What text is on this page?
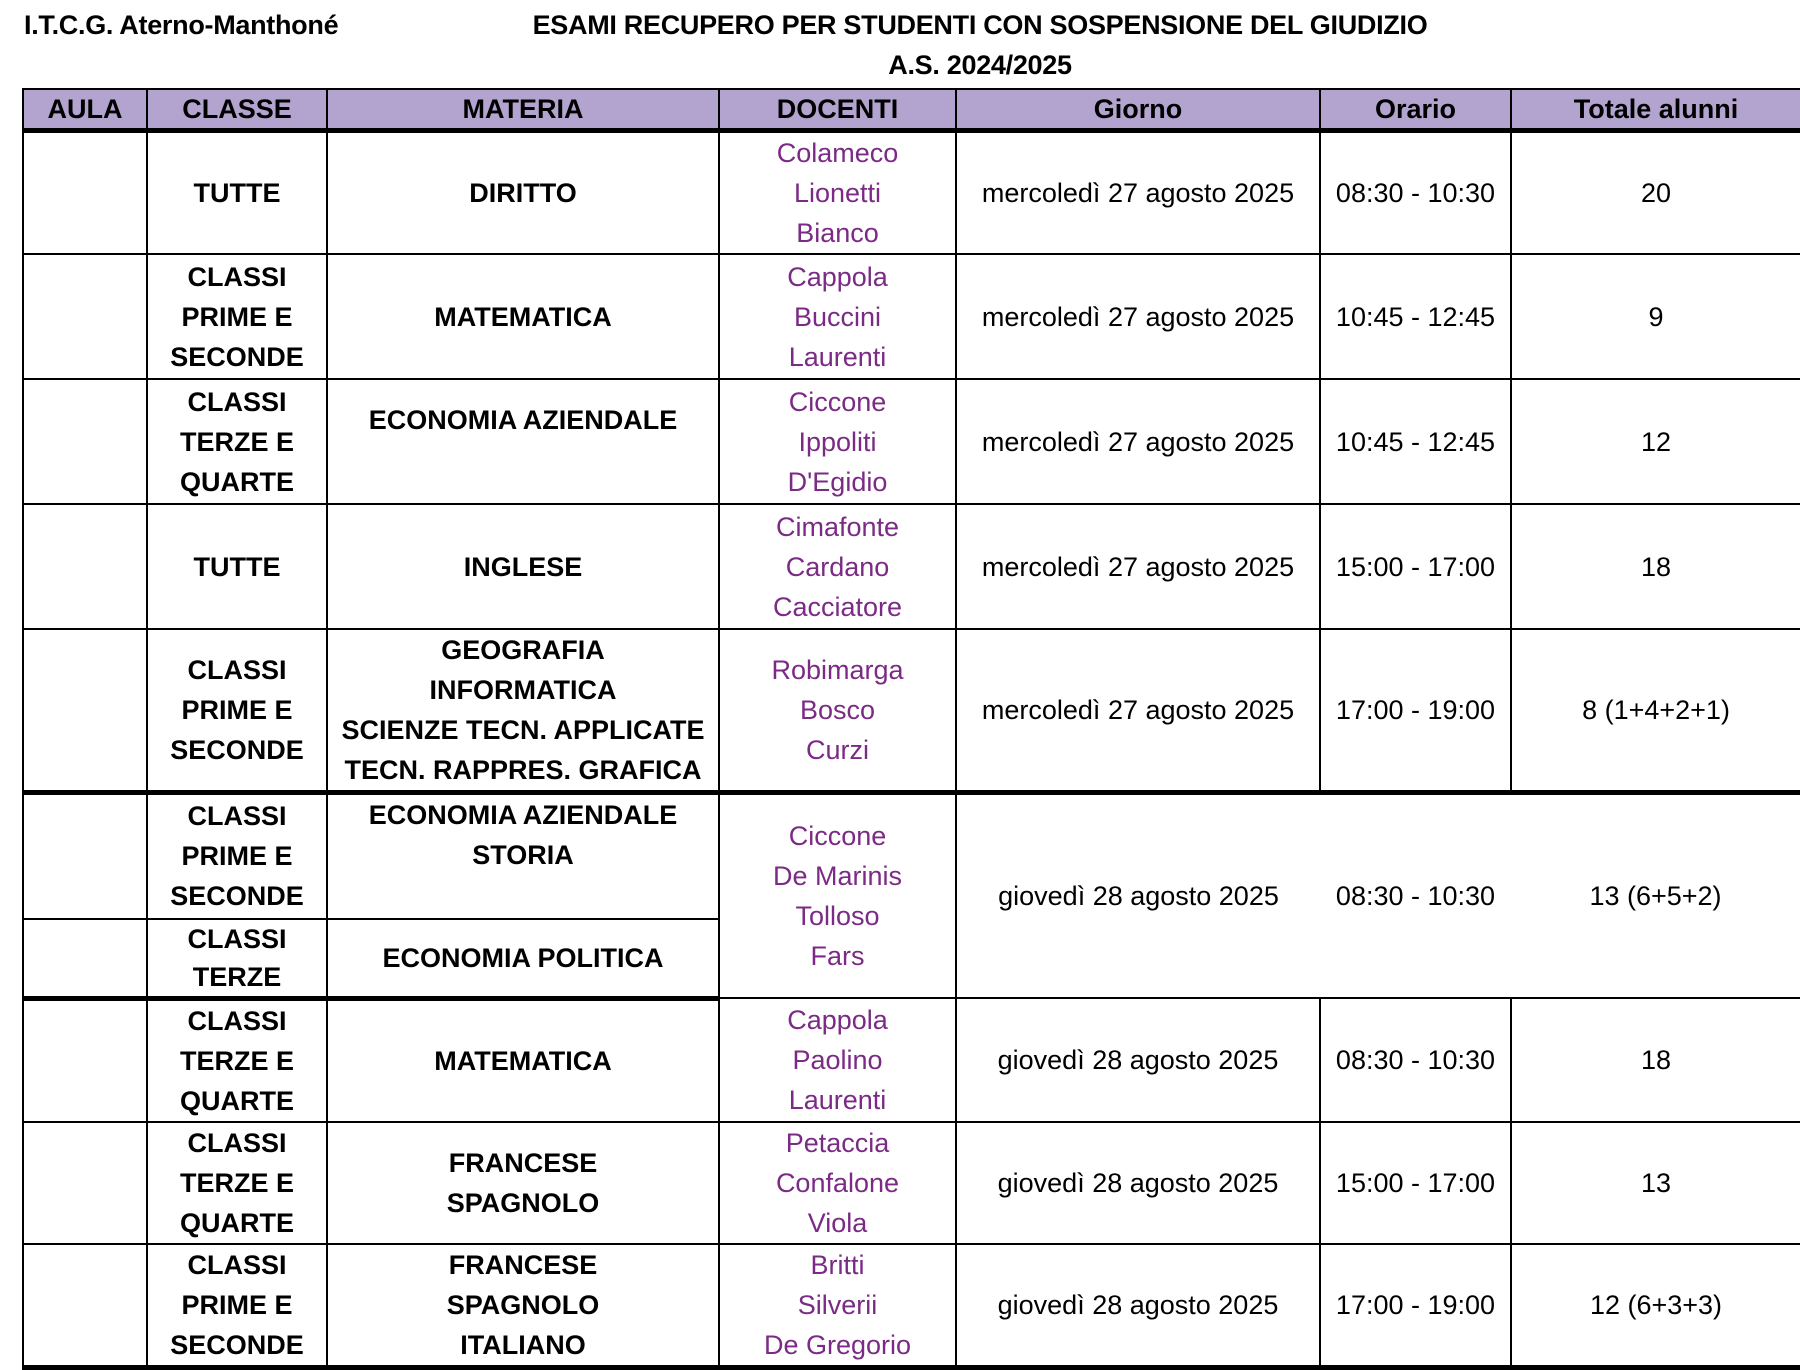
I.T.C.G. Aterno-Manthoné	ESAMI RECUPERO PER STUDENTI CON SOSPENSIONE DEL GIUDIZIO
A.S. 2024/2025
AULA	CLASSE	MATERIA	DOCENTI	Giorno	Orario	Totale alunni

	TUTTE	DIRITTO	Colameco
Lionetti
Bianco	mercoledì 27 agosto 2025	08:30 - 10:30	20

	CLASSI
PRIME E
SECONDE	MATEMATICA	Cappola
Buccini
Laurenti	mercoledì 27 agosto 2025	10:45 - 12:45	9

	CLASSI
TERZE E
QUARTE	ECONOMIA AZIENDALE	Ciccone
Ippoliti
D'Egidio	mercoledì 27 agosto 2025	10:45 - 12:45	12

	TUTTE	INGLESE	Cimafonte
Cardano
Cacciatore	mercoledì 27 agosto 2025	15:00 - 17:00	18

	CLASSI
PRIME E
SECONDE	GEOGRAFIA
INFORMATICA
SCIENZE TECN. APPLICATE
TECN. RAPPRES. GRAFICA	Robimarga
Bosco
Curzi	mercoledì 27 agosto 2025	17:00 - 19:00	8 (1+4+2+1)

	CLASSI
PRIME E
SECONDE	ECONOMIA AZIENDALE
STORIA	Ciccone
De Marinis
Tolloso
Fars	giovedì 28 agosto 2025	08:30 - 10:30	13 (6+5+2)

	CLASSI
TERZE	ECONOMIA POLITICA				

	CLASSI
TERZE E
QUARTE	MATEMATICA	Cappola
Paolino
Laurenti	giovedì 28 agosto 2025	08:30 - 10:30	18

	CLASSI
TERZE E
QUARTE	FRANCESE
SPAGNOLO	Petaccia
Confalone
Viola	giovedì 28 agosto 2025	15:00 - 17:00	13

	CLASSI
PRIME E
SECONDE	FRANCESE
SPAGNOLO
ITALIANO	Britti
Silverii
De Gregorio	giovedì 28 agosto 2025	17:00 - 19:00	12 (6+3+3)
